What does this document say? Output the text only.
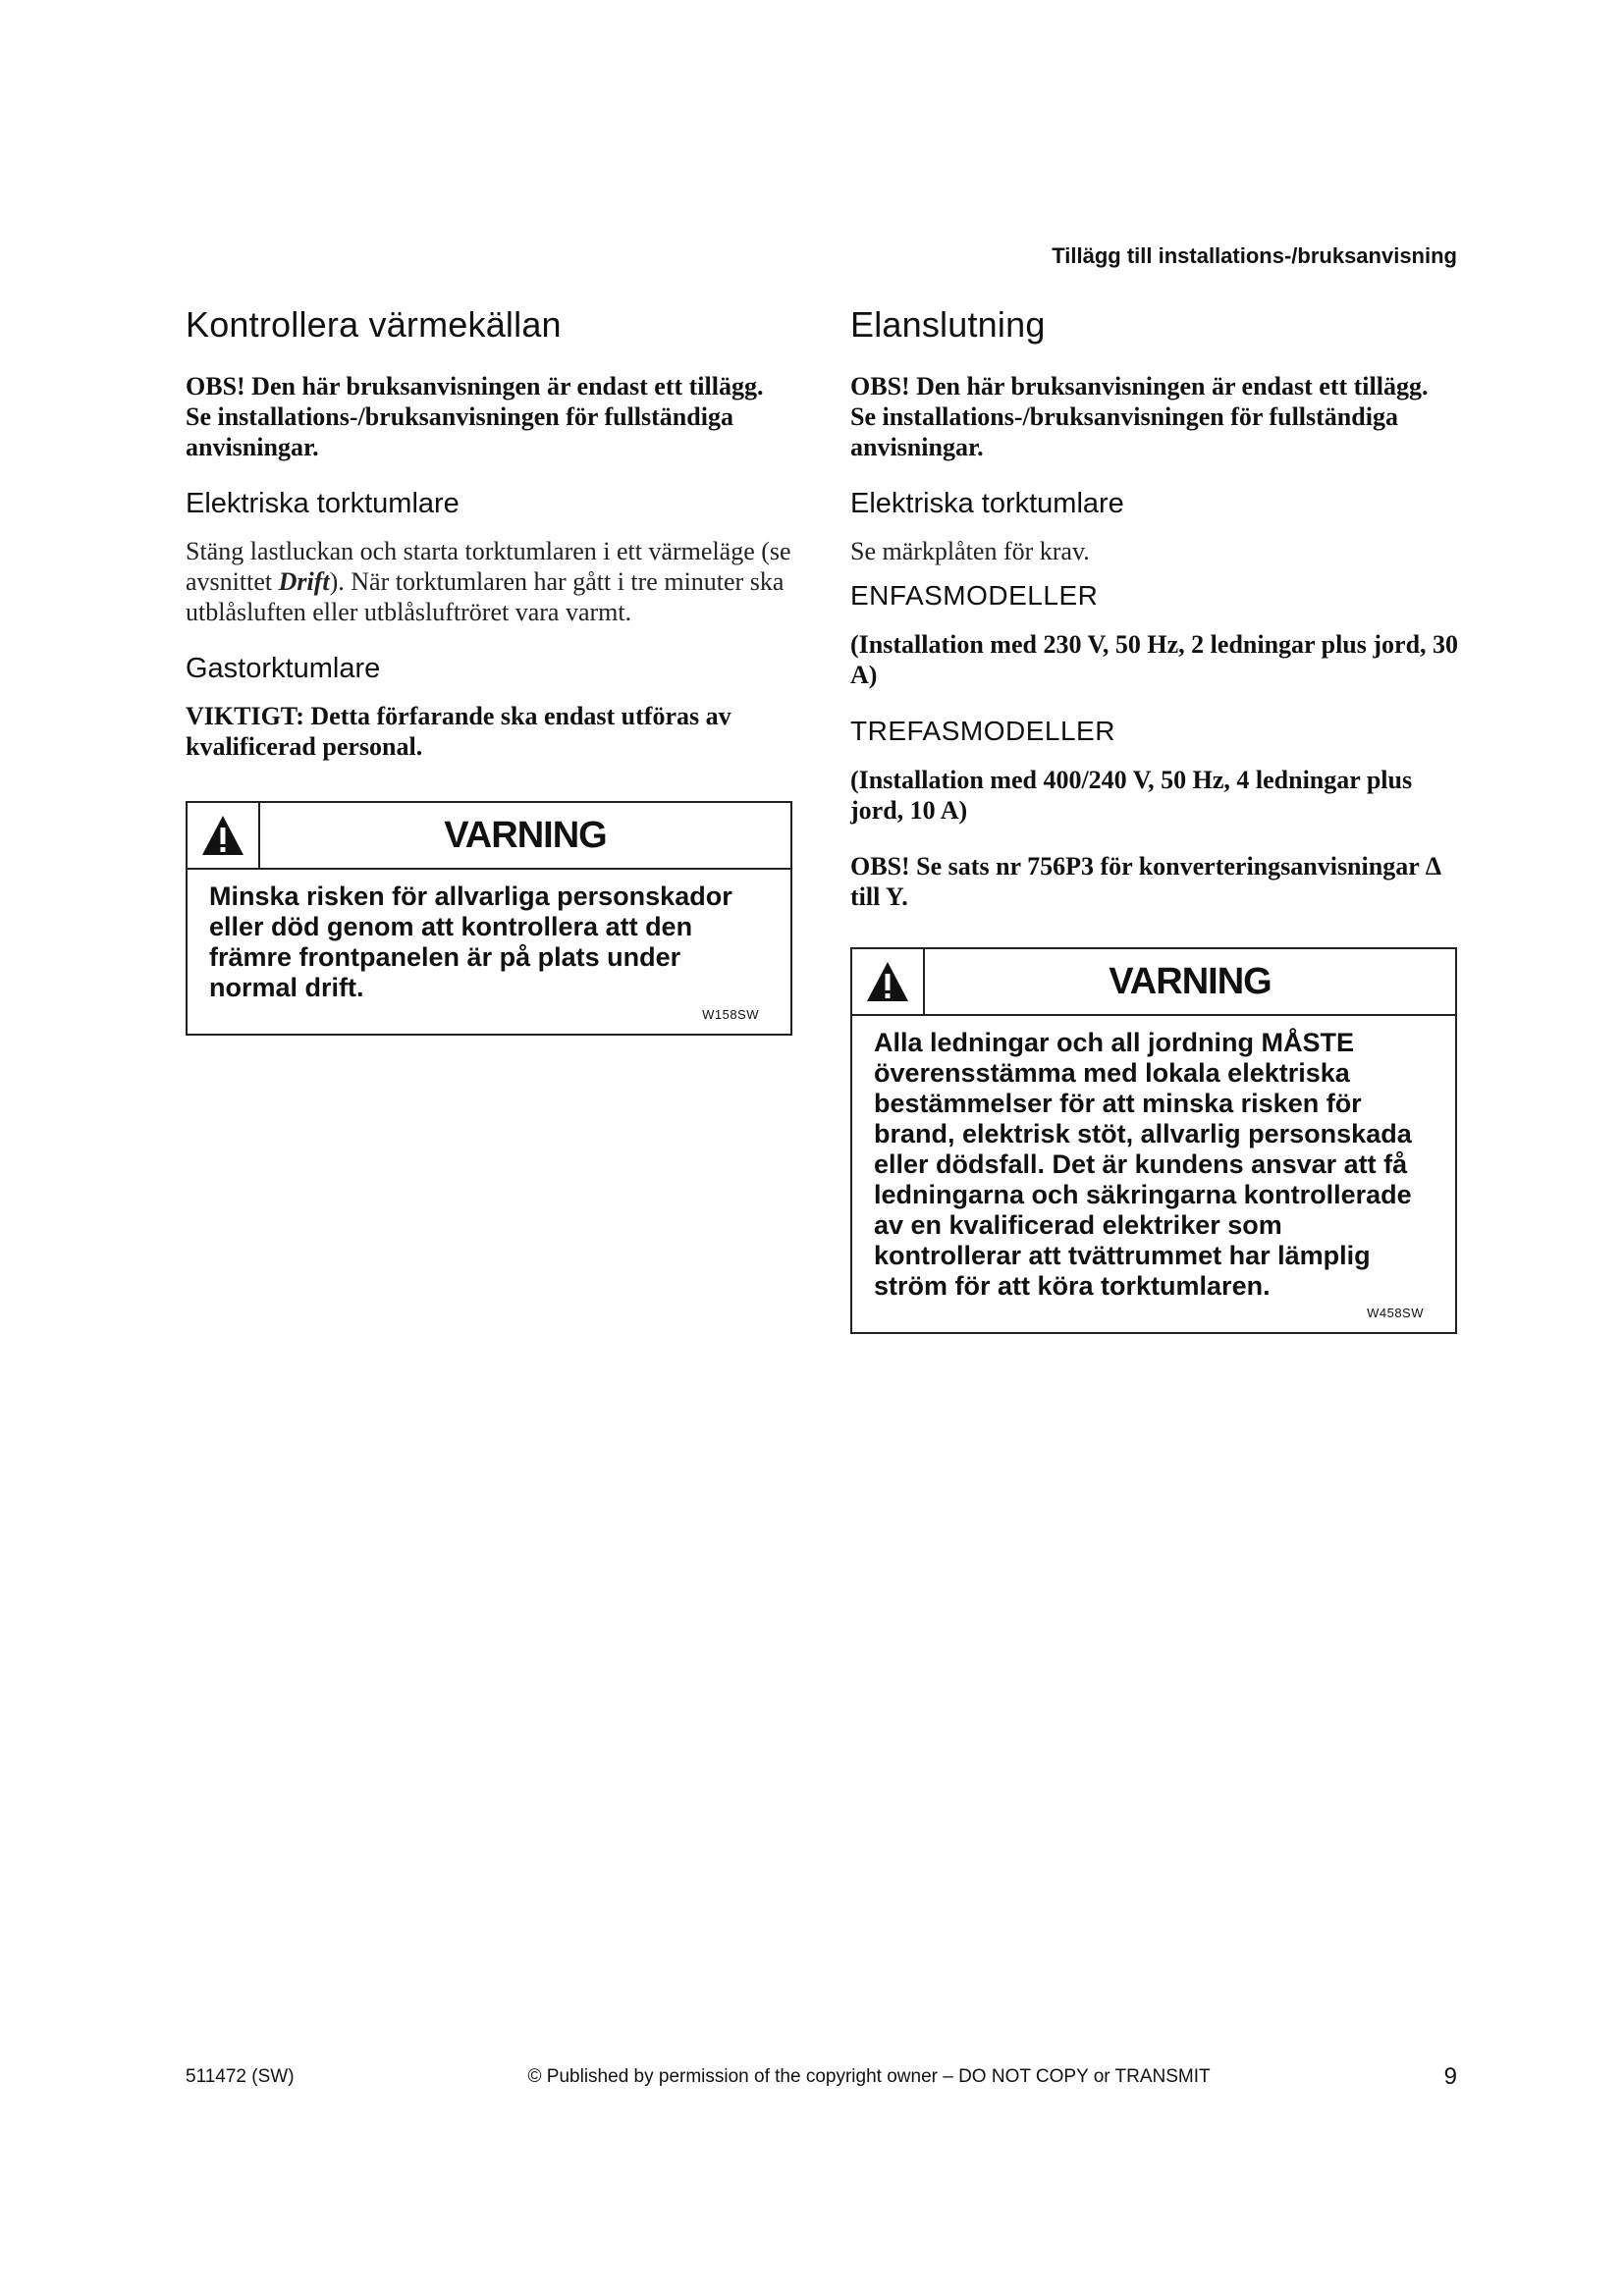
Tillägg till installations-/bruksanvisning
Kontrollera värmekällan

OBS! Den här bruksanvisningen är endast ett tillägg. Se installations-/bruksanvisningen för fullständiga anvisningar.

Elektriska torktumlare

Stäng lastluckan och starta torktumlaren i ett värmeläge (se avsnittet Drift). När torktumlaren har gått i tre minuter ska utblåsluften eller utblåsluftröret vara varmt.

Gastorktumlare

VIKTIGT: Detta förfarande ska endast utföras av kvalificerad personal.

VARNING
Minska risken för allvarliga personskador eller död genom att kontrollera att den främre frontpanelen är på plats under normal drift.
W158SW
Elanslutning

OBS! Den här bruksanvisningen är endast ett tillägg. Se installations-/bruksanvisningen för fullständiga anvisningar.

Elektriska torktumlare

Se märkplåten för krav.

ENFASMODELLER

(Installation med 230 V, 50 Hz, 2 ledningar plus jord, 30 A)

TREFASMODELLER

(Installation med 400/240 V, 50 Hz, 4 ledningar plus jord, 10 A)

OBS! Se sats nr 756P3 för konverteringsanvisningar Δ till Y.

VARNING
Alla ledningar och all jordning MÅSTE överensstämma med lokala elektriska bestämmelser för att minska risken för brand, elektrisk stöt, allvarlig personskada eller dödsfall. Det är kundens ansvar att få ledningarna och säkringarna kontrollerade av en kvalificerad elektriker som kontrollerar att tvättrummet har lämplig ström för att köra torktumlaren.
W458SW
511472 (SW)	© Published by permission of the copyright owner – DO NOT COPY or TRANSMIT	9
